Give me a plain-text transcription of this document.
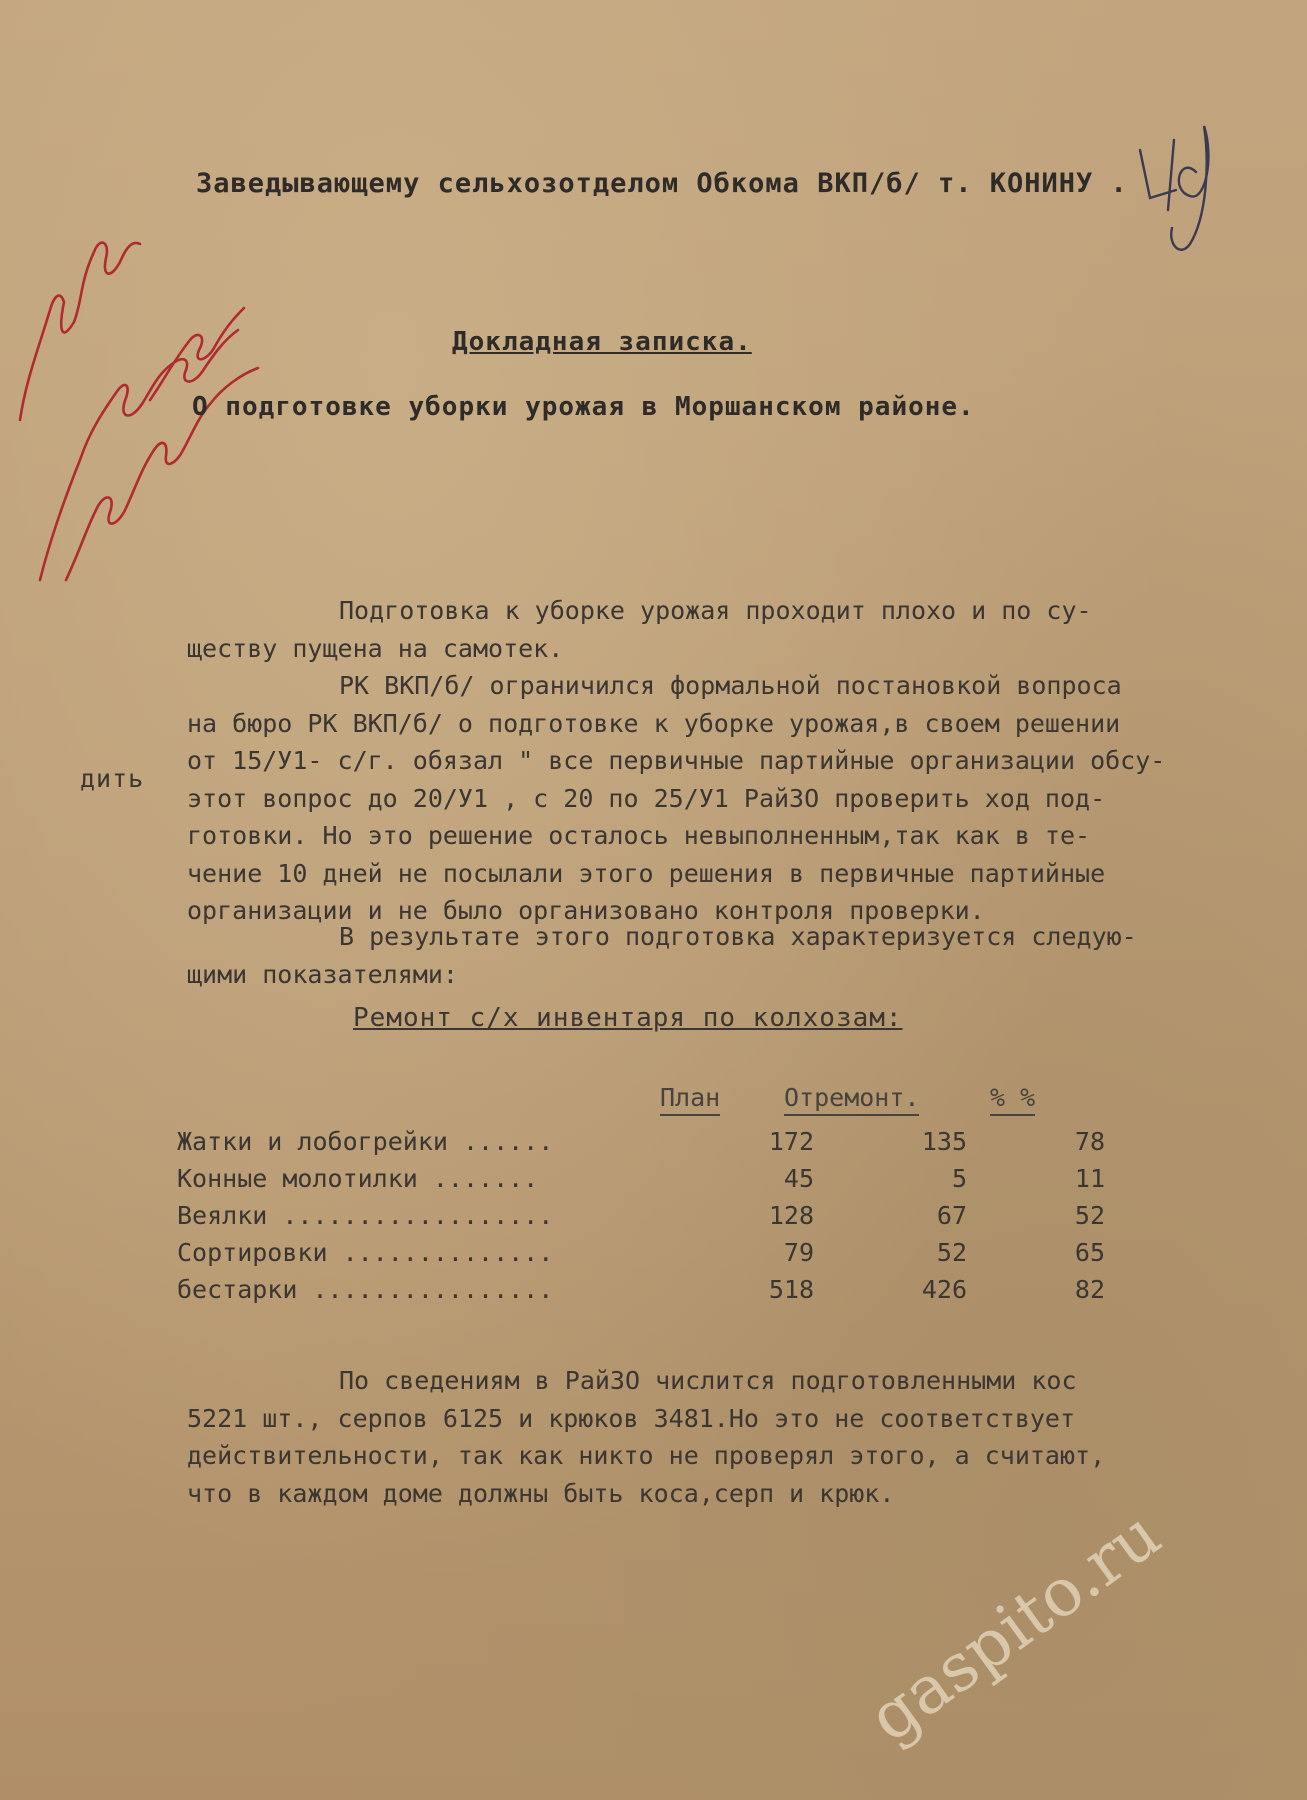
Заведывающему сельхозотделом Обкома ВКП/б/ т. КОНИНУ .
Докладная записка.
О подготовке уборки урожая в Моршанском районе.
Подготовка к уборке урожая проходит плохо и по су-
ществу пущена на самотек.
РК ВКП/б/ ограничился формальной постановкой вопроса
на бюро РК ВКП/б/ о подготовке к уборке урожая,в своем решении
от 15/У1- с/г. обязал " все первичные партийные организации обсу-
этот вопрос до 20/У1 , с 20 по 25/У1 РайЗО проверить ход под-
готовки. Но это решение осталось невыполненным,так как в те-
чение 10 дней не посылали этого решения в первичные партийные
организации и не было организовано контроля проверки.
дить
В результате этого подготовка характеризуется следую-
щими показателями:
Ремонт с/х инвентаря по колхозам:
План	Отремонт.	% %
Жатки и лобогрейки ......	172	135	78
Конные молотилки .......	45	5	11
Веялки ..................	128	67	52
Сортировки ..............	79	52	65
бестарки ................	518	426	82
По сведениям в РайЗО числится подготовленными кос
5221 шт., серпов 6125 и крюков 3481.Но это не соответствует
действительности, так как никто не проверял этого, а считают,
что в каждом доме должны быть коса,серп и крюк.
gaspito.ru
